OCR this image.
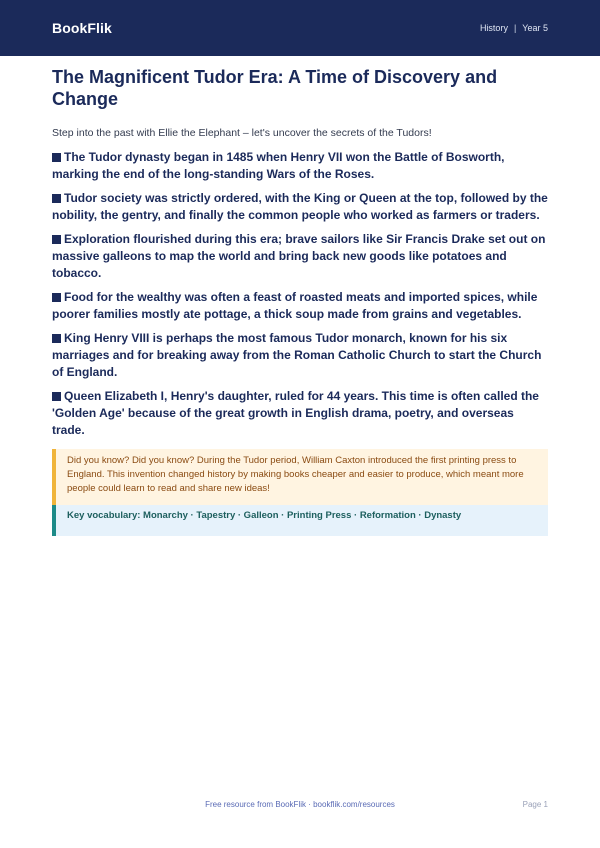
BookFlik	History | Year 5
The Magnificent Tudor Era: A Time of Discovery and Change
Step into the past with Ellie the Elephant – let's uncover the secrets of the Tudors!
The Tudor dynasty began in 1485 when Henry VII won the Battle of Bosworth, marking the end of the long-standing Wars of the Roses.
Tudor society was strictly ordered, with the King or Queen at the top, followed by the nobility, the gentry, and finally the common people who worked as farmers or traders.
Exploration flourished during this era; brave sailors like Sir Francis Drake set out on massive galleons to map the world and bring back new goods like potatoes and tobacco.
Food for the wealthy was often a feast of roasted meats and imported spices, while poorer families mostly ate pottage, a thick soup made from grains and vegetables.
King Henry VIII is perhaps the most famous Tudor monarch, known for his six marriages and for breaking away from the Roman Catholic Church to start the Church of England.
Queen Elizabeth I, Henry's daughter, ruled for 44 years. This time is often called the 'Golden Age' because of the great growth in English drama, poetry, and overseas trade.
Did you know? Did you know? During the Tudor period, William Caxton introduced the first printing press to England. This invention changed history by making books cheaper and easier to produce, which meant more people could learn to read and share new ideas!
Key vocabulary: Monarchy · Tapestry · Galleon · Printing Press · Reformation · Dynasty
Free resource from BookFlik · bookflik.com/resources	Page 1
